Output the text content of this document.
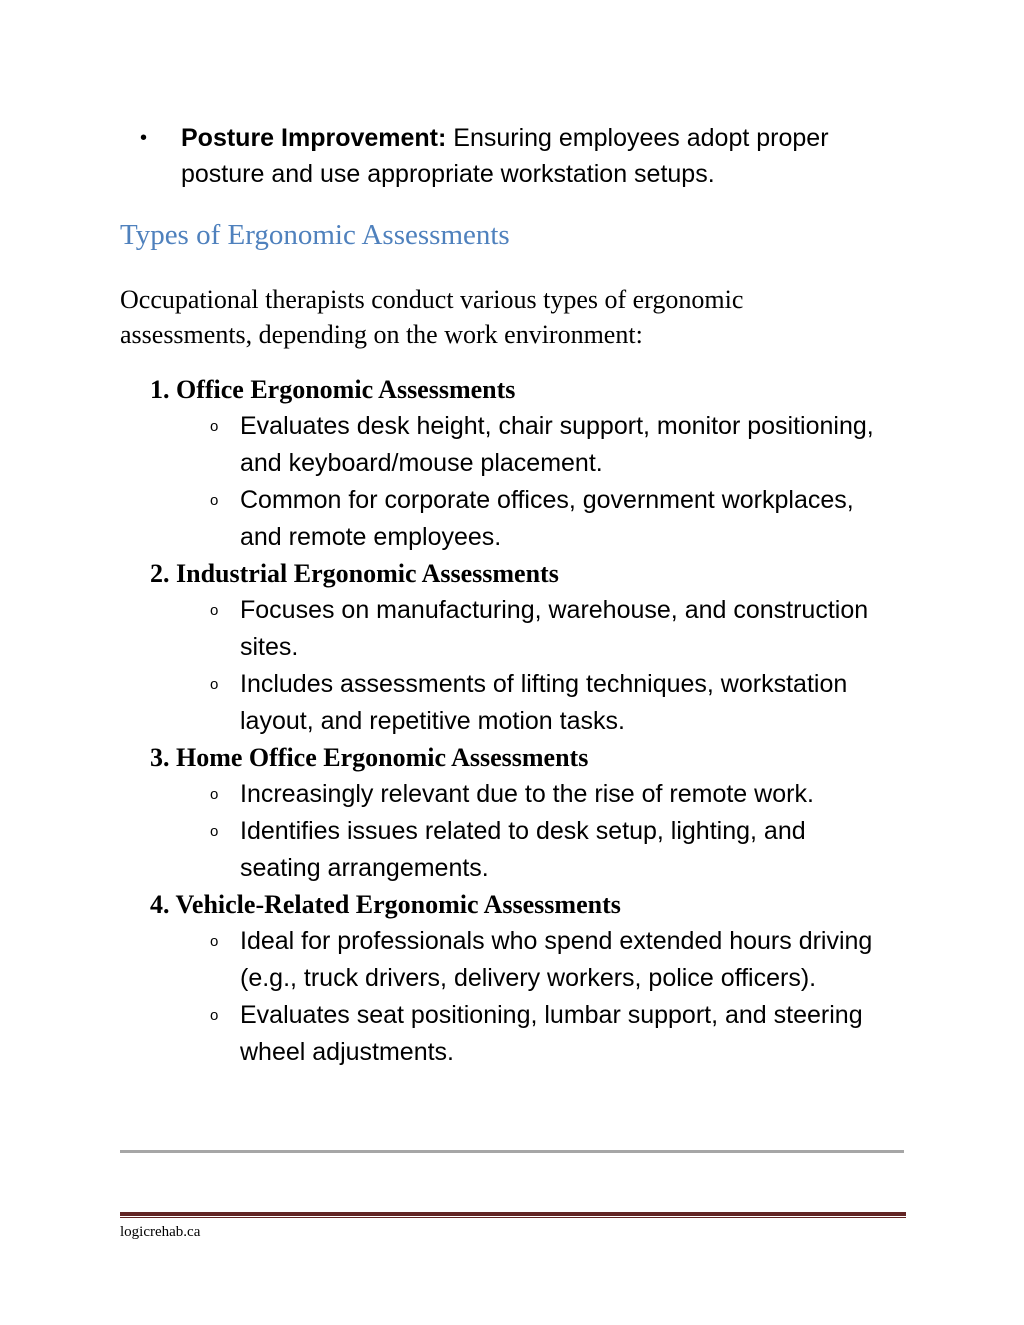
• Posture Improvement: Ensuring employees adopt proper posture and use appropriate workstation setups.
Types of Ergonomic Assessments

Occupational therapists conduct various types of ergonomic assessments, depending on the work environment:

1. Office Ergonomic Assessments
o Evaluates desk height, chair support, monitor positioning, and keyboard/mouse placement.
o Common for corporate offices, government workplaces, and remote employees.
2. Industrial Ergonomic Assessments
o Focuses on manufacturing, warehouse, and construction sites.
o Includes assessments of lifting techniques, workstation layout, and repetitive motion tasks.
3. Home Office Ergonomic Assessments
o Increasingly relevant due to the rise of remote work.
o Identifies issues related to desk setup, lighting, and seating arrangements.
4. Vehicle-Related Ergonomic Assessments
o Ideal for professionals who spend extended hours driving (e.g., truck drivers, delivery workers, police officers).
o Evaluates seat positioning, lumbar support, and steering wheel adjustments.
logicrehab.ca
